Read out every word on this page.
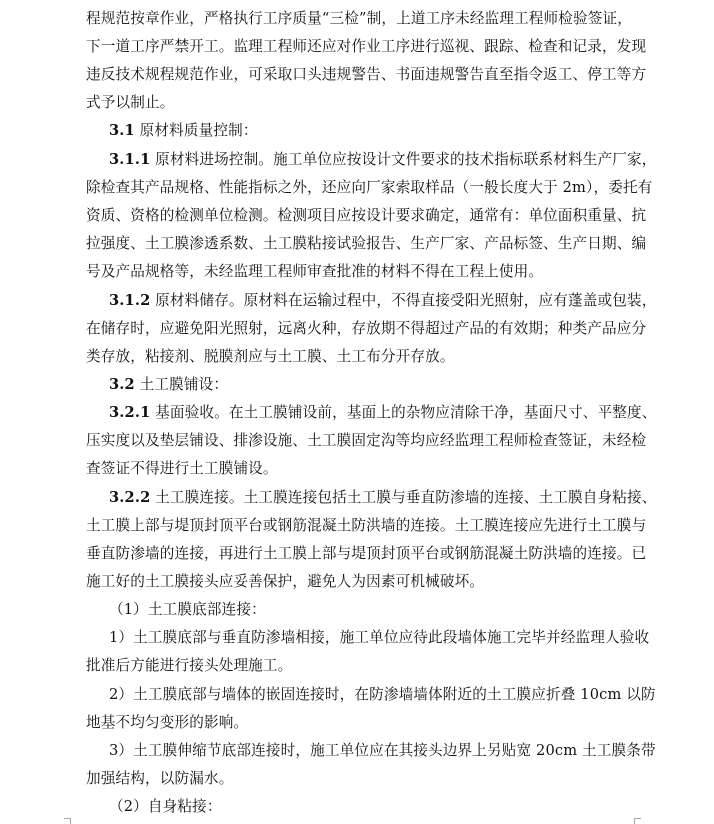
程规范按章作业，严格执行工序质量“三检”制，上道工序未经监理工程师检验签证，
下一道工序严禁开工。监理工程师还应对作业工序进行巡视、跟踪、检查和记录，发现
违反技术规程规范作业，可采取口头违规警告、书面违规警告直至指令返工、停工等方
式予以制止。
3.1 原材料质量控制：
3.1.1 原材料进场控制。施工单位应按设计文件要求的技术指标联系材料生产厂家，
除检查其产品规格、性能指标之外，还应向厂家索取样品（一般长度大于 2m），委托有
资质、资格的检测单位检测。检测项目应按设计要求确定，通常有：单位面积重量、抗
拉强度、土工膜渗透系数、土工膜粘接试验报告、生产厂家、产品标签、生产日期、编
号及产品规格等，未经监理工程师审查批准的材料不得在工程上使用。
3.1.2 原材料储存。原材料在运输过程中，不得直接受阳光照射，应有蓬盖或包装，
在储存时，应避免阳光照射，远离火种，存放期不得超过产品的有效期；种类产品应分
类存放，粘接剂、脱膜剂应与土工膜、土工布分开存放。
3.2 土工膜铺设：
3.2.1 基面验收。在土工膜铺设前，基面上的杂物应清除干净，基面尺寸、平整度、
压实度以及垫层铺设、排渗设施、土工膜固定沟等均应经监理工程师检查签证，未经检
查签证不得进行土工膜铺设。
3.2.2 土工膜连接。土工膜连接包括土工膜与垂直防渗墙的连接、土工膜自身粘接、
土工膜上部与堤顶封顶平台或钢筋混凝土防洪墙的连接。土工膜连接应先进行土工膜与
垂直防渗墙的连接，再进行土工膜上部与堤顶封顶平台或钢筋混凝土防洪墙的连接。已
施工好的土工膜接头应妥善保护，避免人为因素可机械破坏。
（1）土工膜底部连接：
1）土工膜底部与垂直防渗墙相接，施工单位应待此段墙体施工完毕并经监理人验收
批准后方能进行接头处理施工。
2）土工膜底部与墙体的嵌固连接时，在防渗墙墙体附近的土工膜应折叠 10cm 以防
地基不均匀变形的影响。
3）土工膜伸缩节底部连接时，施工单位应在其接头边界上另贴宽 20cm 土工膜条带
加强结构，以防漏水。
（2）自身粘接：
